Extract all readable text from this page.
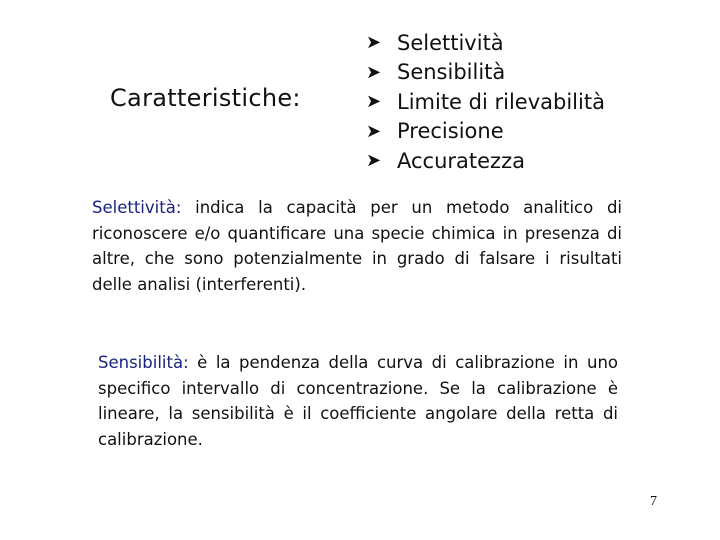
Caratteristiche:
➤ Selettività
➤ Sensibilità
➤ Limite di rilevabilità
➤ Precisione
➤ Accuratezza

Selettività: indica la capacità per un metodo analitico di riconoscere e/o quantificare una specie chimica in presenza di altre, che sono potenzialmente in grado di falsare i risultati delle analisi (interferenti).

Sensibilità: è la pendenza della curva di calibrazione in uno specifico intervallo di concentrazione. Se la calibrazione è lineare, la sensibilità è il coefficiente angolare della retta di calibrazione.

7
